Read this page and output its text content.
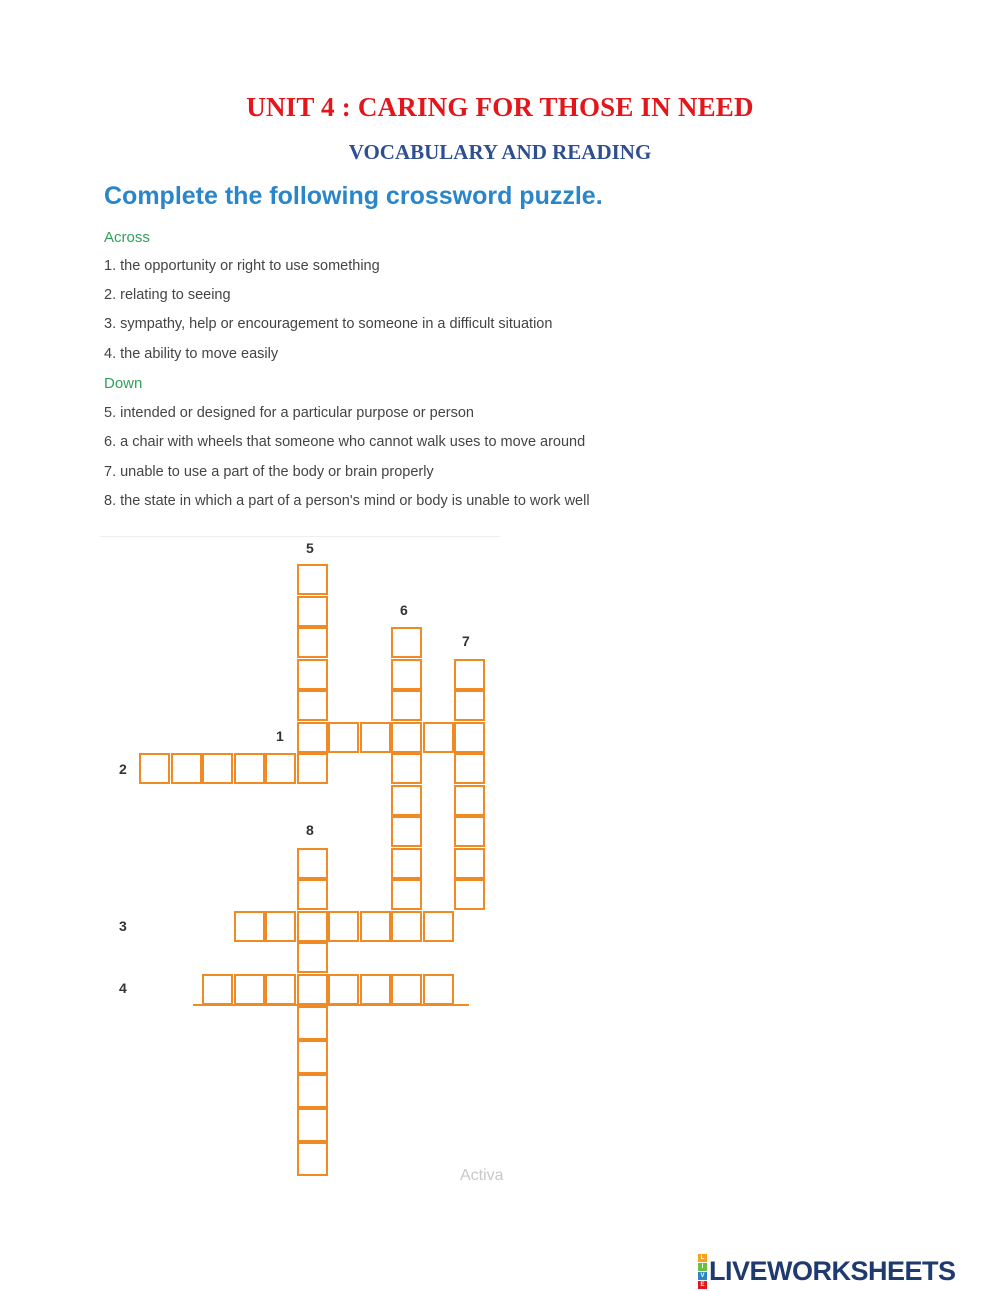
UNIT 4 : CARING FOR THOSE IN NEED
VOCABULARY AND READING
Complete the following crossword puzzle.
Across
1. the opportunity or right to use something
2. relating to seeing
3. sympathy, help or encouragement to someone in a difficult situation
4. the ability to move easily
Down
5. intended or designed for a particular purpose or person
6. a chair with wheels that someone who cannot walk uses to move around
7. unable to use a part of the body or brain properly
8. the state in which a part of a person's mind or body is unable to work well
5
6
7
1
2
8
3
4
Activa
L
I
V
E LIVEWORKSHEETS
